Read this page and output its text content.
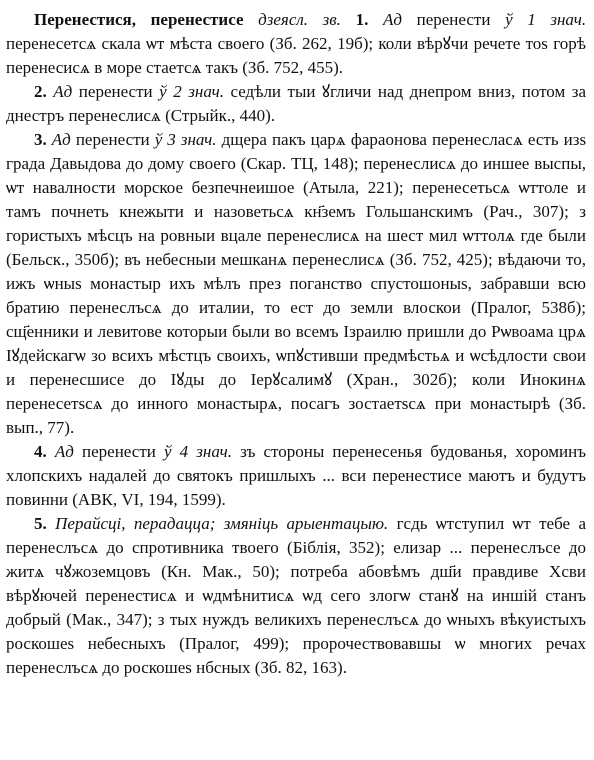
Перенестися, перенестисе дзеясл. зв. 1. Ад перенести ў 1 знач. перенесетсѧ скала ѡт мѣста своего (Зб. 262, 19б); коли вѣрꙋчи речете тоѕ горѣ перенесисѧ в море стаетсѧ такъ (Зб. 752, 455).

2. Ад перенести ў 2 знач. седѣли тыи ꙋгличи над днепром вниз, потом за днестръ перенеслисѧ (Стрыйк., 440).

3. Ад перенести ў 3 знач. дщера пакъ царѧ фараонова перенеслаcѧ есть изѕ града Давыдова до дому своего (Скар. ТЦ, 148); перенеслисѧ до иншее выспы, ѡт навалности морское безпечнеишое (Атыла, 221); перенесетьсѧ ѡттоле и тамъ почнеть кнежыти и назоветьсѧ кн҃земъ Гольшанскимъ (Рач., 307); з гористыхъ мѣсцъ на ровныи вцале перенеслисѧ на шест мил ѡттолѧ где были (Бельск., 350б); въ небесныи мешканѧ перенеслисѧ (Зб. 752, 425); вѣдаючи то, ижъ ѡныѕ монастыр ихъ мѣлъ през поганство спустошоныѕ, забравши всю братию перенеслъсѧ до италии, то ест до земли влоскои (Пралог, 538б); сщ҃енники и левитове которыи были во всемъ Ізраилю пришли до Рѡвоама црѧ Іꙋдейскагѡ зо всихъ мѣстцъ своихъ, ѡпꙋстивши предмѣстьѧ и ѡсѣдлости свои и перенесшисе до Іꙋды до Іерꙋсалимꙋ (Хран., 302б); коли Инокинѧ перенесетѕсѧ до инного монастырѧ, посагъ зостаетѕсѧ при монастырѣ (Зб. вып., 77).

4. Ад перенести ў 4 знач. зъ стороны перенесенья будованья, хороминъ хлопскихъ надалей до святокъ пришлыхъ ... вси перенестисе маютъ и будутъ повинни (АВК, VI, 194, 1599).

5. Перайсці, перадацца; змяніць арыентацыю. гсдь ѡтступил ѡт тебе а перенеслъсѧ до спротивника твоего (Біблія, 352); елизар ... перенеслъсе до житѧ чꙋжоземцовъ (Кн. Мак., 50); потреба абовѣмъ дш҃и правдиве Хсви вѣрꙋючей перенестисѧ и ѡдмѣнитисѧ ѡд сего злогѡ станꙋ на иншій станъ добрый (Мак., 347); з тых нуждъ великихъ перенеслъсѧ до ѡныхъ вѣкуистыхъ роскошеѕ небесныхъ (Пралог, 499); пророчествовавшы ѡ многих речах перенеслъсѧ до роскошеѕ нбсных (Зб. 82, 163).
